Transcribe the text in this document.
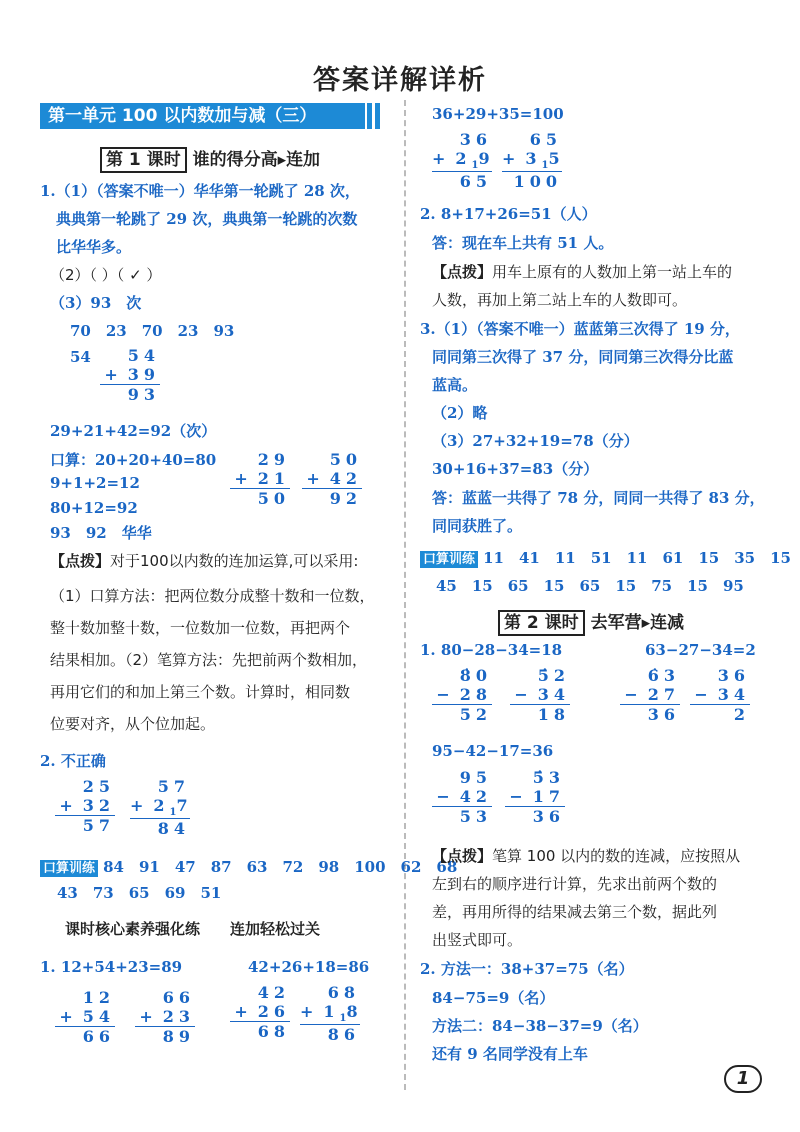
答案详解详析
第一单元 100 以内数加与减（三）
第 1 课时 谁的得分高▶连加
1.（1）（答案不唯一）华华第一轮跳了 28 次，
典典第一轮跳了 29 次，典典第一轮跳的次数
比华华多。
（2）（ ）（ ✓ ）
（3）93　次
70　23　70　23　93
54	54
+39
93
29+21+42=92（次）
口算：20+20+40=80
9+1+2=12
80+12=92
93　92　华华
29
+21
50
50
+42
92
【点拨】对于100以内数的连加运算,可以采用:
（1）口算方法：把两位数分成整十数和一位数，
整十数加整十数，一位数加一位数，再把两个
结果相加。（2）笔算方法：先把前两个数相加，
再用它们的和加上第三个数。计算时，相同数
位要对齐，从个位加起。
2. 不正确
25
+32
57
57
$+2_17$
84
口算训练 84　91　47　87　63　72　98　100　62　68
43　73　65　69　51
课时核心素养强化练　　连加轻松过关
1. 12+54+23=89	42+26+18=86
12
+54
66
66
+23
89
42
+26
68
68
$+1_18$
86
36+29+35=100
36
$+2_19$
65
65
$+3_15$
100
2. 8+17+26=51（人）
答：现在车上共有 51 人。
【点拨】用车上原有的人数加上第一站上车的
人数，再加上第二站上车的人数即可。
3.（1）（答案不唯一）蓝蓝第三次得了 19 分，
同同第三次得了 37 分，同同第三次得分比蓝
蓝高。
（2）略
（3）27+32+19=78（分）
30+16+37=83（分）
答：蓝蓝一共得了 78 分，同同一共得了 83 分，
同同获胜了。
口算训练 11　41　11　51　11　61　15　35　15
45　15　65　15　65　15　75　15　95
第 2 课时 去军营▶连减
1. 80−28−34=18	63−27−34=2
8̇0
−28
52
5̇2
−34
18
6̇3
−27
36
36
−34
2
95−42−17=36
95
−42
53
5̇3
−17
36
【点拨】笔算 100 以内的数的连减，应按照从
左到右的顺序进行计算，先求出前两个数的
差，再用所得的结果减去第三个数，据此列
出竖式即可。
2. 方法一：38+37=75（名）
84−75=9（名）
方法二：84−38−37=9（名）
还有 9 名同学没有上车
1
